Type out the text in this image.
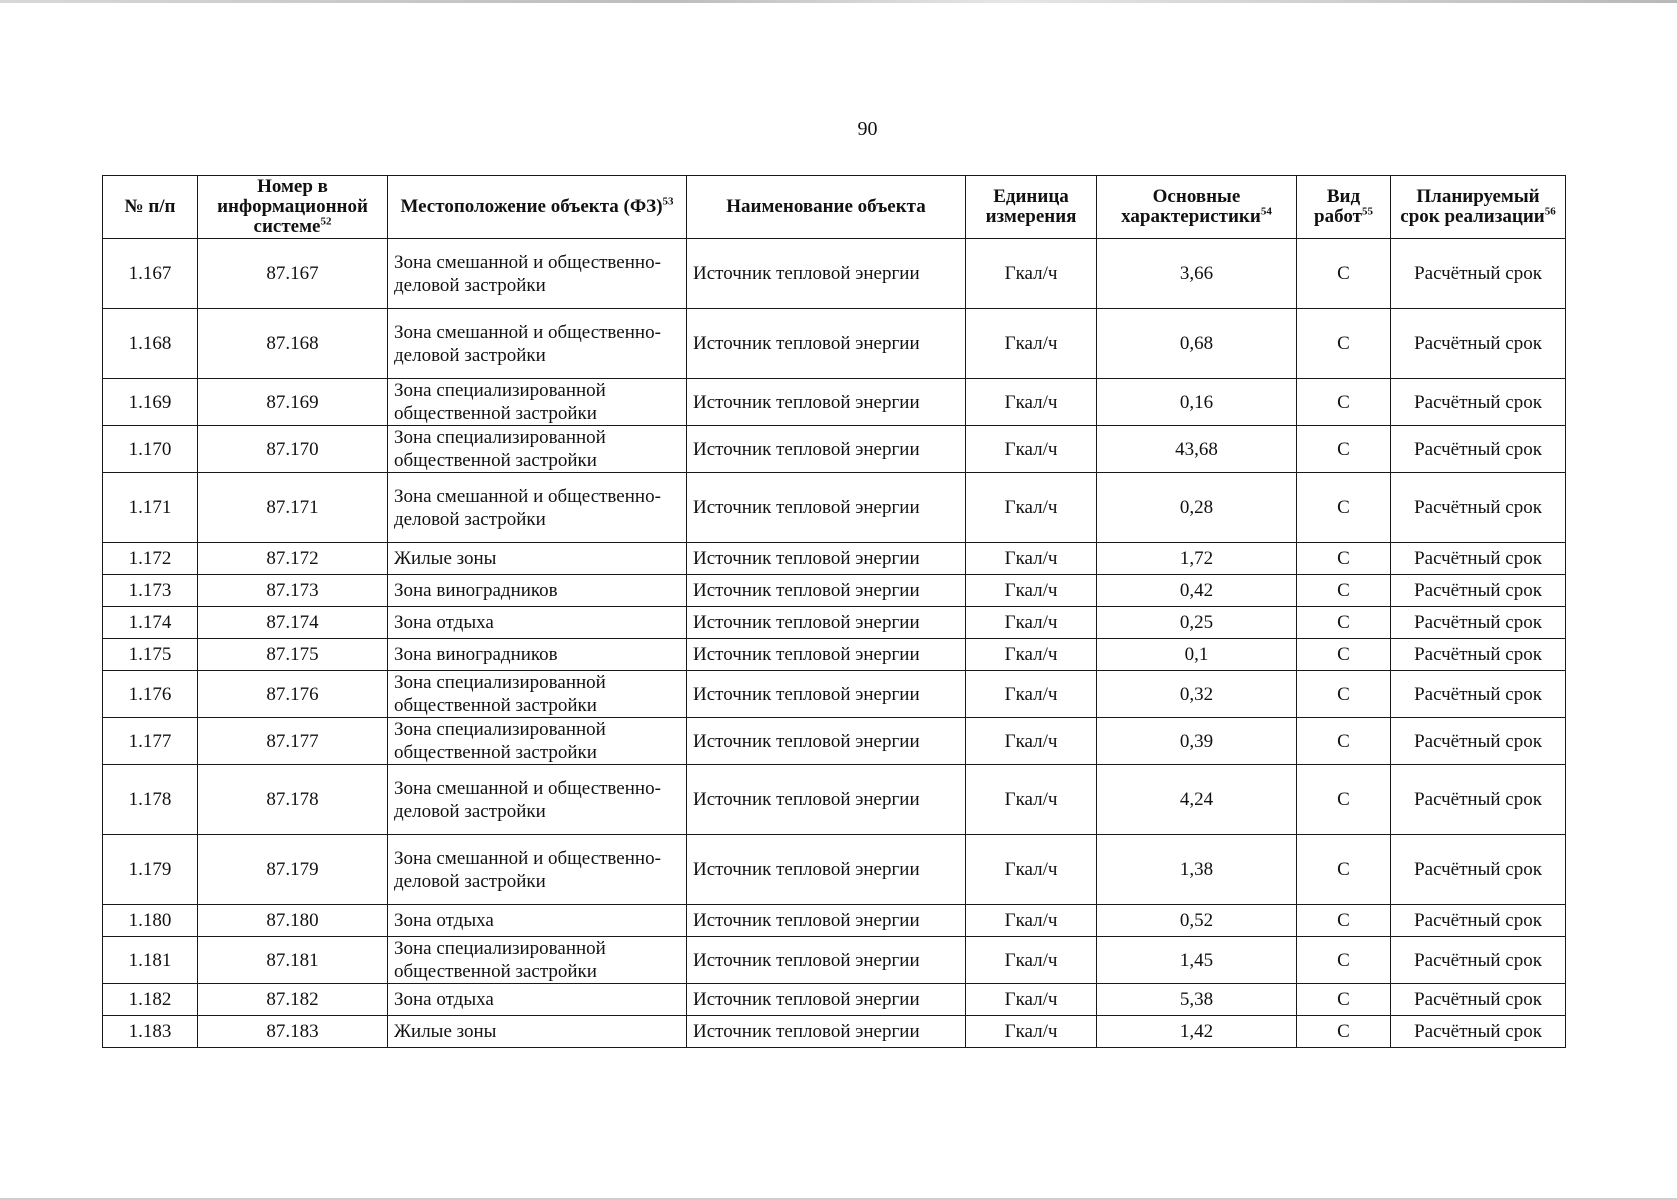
90
№ п/п	Номер в информационной системе$^{52}$	Местоположение объекта (ФЗ)$^{53}$	Наименование объекта	Единица измерения	Основные характеристики$^{54}$	Вид работ$^{55}$	Планируемый срок реализации$^{56}$
1.167	87.167	Зона смешанной и общественно-деловой застройки	Источник тепловой энергии	Гкал/ч	3,66	С	Расчётный срок
1.168	87.168	Зона смешанной и общественно-деловой застройки	Источник тепловой энергии	Гкал/ч	0,68	С	Расчётный срок
1.169	87.169	Зона специализированной общественной застройки	Источник тепловой энергии	Гкал/ч	0,16	С	Расчётный срок
1.170	87.170	Зона специализированной общественной застройки	Источник тепловой энергии	Гкал/ч	43,68	С	Расчётный срок
1.171	87.171	Зона смешанной и общественно-деловой застройки	Источник тепловой энергии	Гкал/ч	0,28	С	Расчётный срок
1.172	87.172	Жилые зоны	Источник тепловой энергии	Гкал/ч	1,72	С	Расчётный срок
1.173	87.173	Зона виноградников	Источник тепловой энергии	Гкал/ч	0,42	С	Расчётный срок
1.174	87.174	Зона отдыха	Источник тепловой энергии	Гкал/ч	0,25	С	Расчётный срок
1.175	87.175	Зона виноградников	Источник тепловой энергии	Гкал/ч	0,1	С	Расчётный срок
1.176	87.176	Зона специализированной общественной застройки	Источник тепловой энергии	Гкал/ч	0,32	С	Расчётный срок
1.177	87.177	Зона специализированной общественной застройки	Источник тепловой энергии	Гкал/ч	0,39	С	Расчётный срок
1.178	87.178	Зона смешанной и общественно-деловой застройки	Источник тепловой энергии	Гкал/ч	4,24	С	Расчётный срок
1.179	87.179	Зона смешанной и общественно-деловой застройки	Источник тепловой энергии	Гкал/ч	1,38	С	Расчётный срок
1.180	87.180	Зона отдыха	Источник тепловой энергии	Гкал/ч	0,52	С	Расчётный срок
1.181	87.181	Зона специализированной общественной застройки	Источник тепловой энергии	Гкал/ч	1,45	С	Расчётный срок
1.182	87.182	Зона отдыха	Источник тепловой энергии	Гкал/ч	5,38	С	Расчётный срок
1.183	87.183	Жилые зоны	Источник тепловой энергии	Гкал/ч	1,42	С	Расчётный срок
